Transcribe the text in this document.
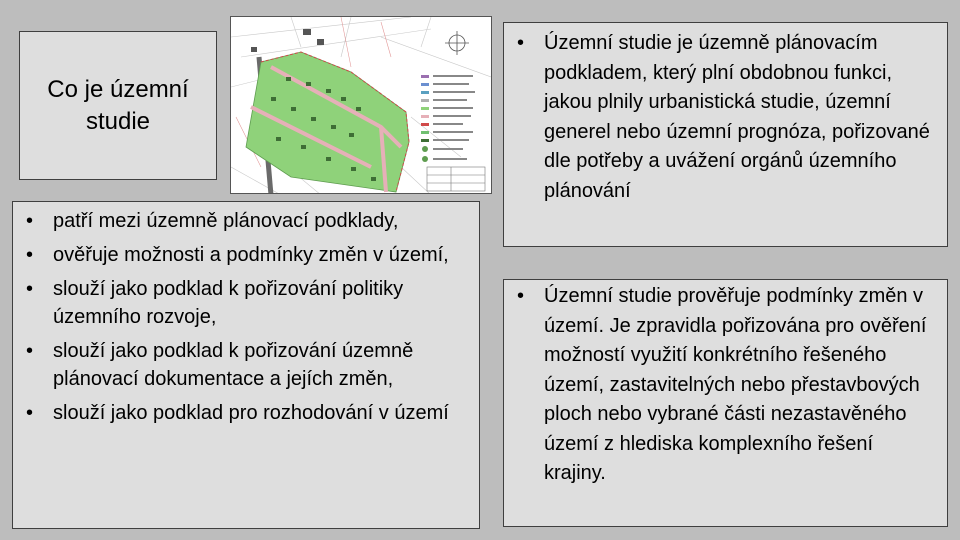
Co je územní studie
• Územní studie je územně plánovacím podkladem, který plní obdobnou funkci, jakou plnily urbanistická studie, územní generel nebo územní prognóza, pořizované dle potřeby a uvážení orgánů územního plánování
• patří mezi územně plánovací podklady,
• ověřuje možnosti a podmínky změn v území,
• slouží jako podklad k pořizování politiky územního rozvoje,
• slouží jako podklad k pořizování územně plánovací dokumentace a jejích změn,
• slouží jako podklad pro rozhodování v území
• Územní studie prověřuje podmínky změn v území. Je zpravidla pořizována pro ověření možností využití konkrétního řešeného území, zastavitelných nebo přestavbových ploch nebo vybrané části nezastavěného území z hlediska komplexního řešení krajiny.
